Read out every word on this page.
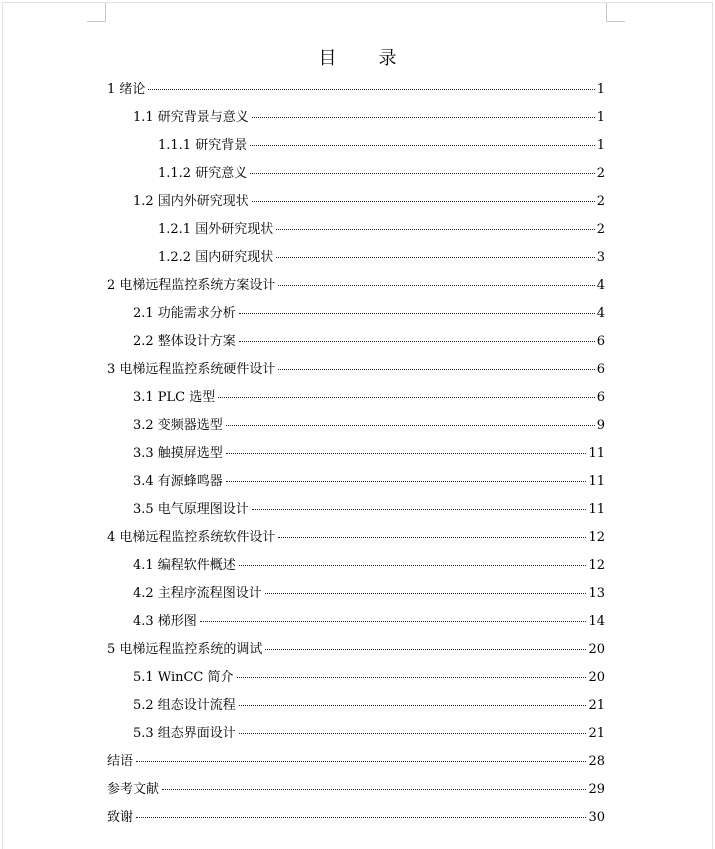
目　录
1 绪论	1
1.1 研究背景与意义	1
1.1.1 研究背景	1
1.1.2 研究意义	2
1.2 国内外研究现状	2
1.2.1 国外研究现状	2
1.2.2 国内研究现状	3
2 电梯远程监控系统方案设计	4
2.1 功能需求分析	4
2.2 整体设计方案	6
3 电梯远程监控系统硬件设计	6
3.1 PLC 选型	6
3.2 变频器选型	9
3.3 触摸屏选型	11
3.4 有源蜂鸣器	11
3.5 电气原理图设计	11
4 电梯远程监控系统软件设计	12
4.1 编程软件概述	12
4.2 主程序流程图设计	13
4.3 梯形图	14
5 电梯远程监控系统的调试	20
5.1 WinCC 简介	20
5.2 组态设计流程	21
5.3 组态界面设计	21
结语	28
参考文献	29
致谢	30
